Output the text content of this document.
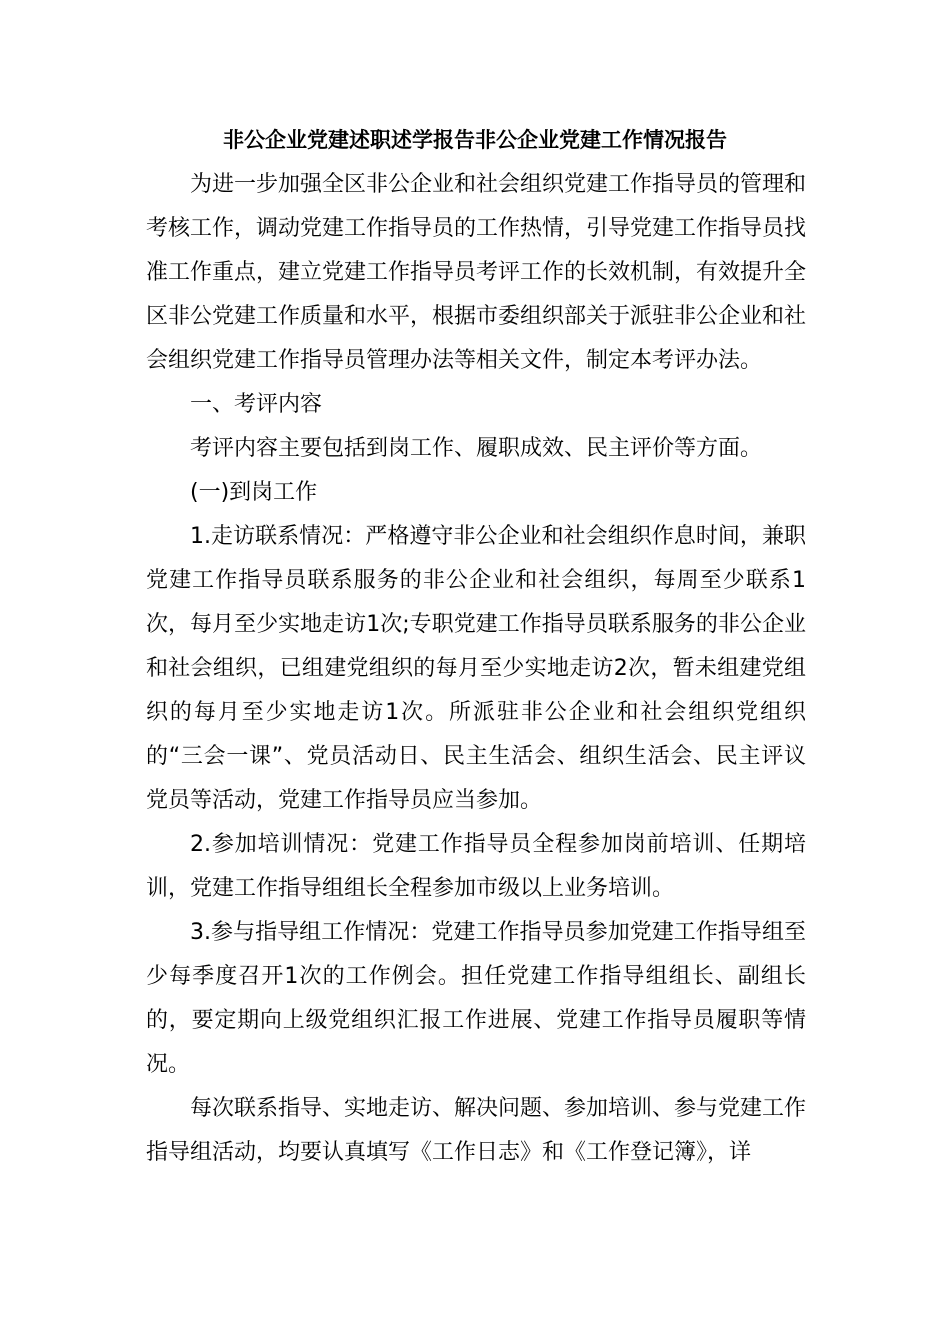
非公企业党建述职述学报告非公企业党建工作情况报告

为进一步加强全区非公企业和社会组织党建工作指导员的管理和考核工作，调动党建工作指导员的工作热情，引导党建工作指导员找准工作重点，建立党建工作指导员考评工作的长效机制，有效提升全区非公党建工作质量和水平，根据市委组织部关于派驻非公企业和社会组织党建工作指导员管理办法等相关文件，制定本考评办法。

一、考评内容

考评内容主要包括到岗工作、履职成效、民主评价等方面。

(一)到岗工作

1.走访联系情况：严格遵守非公企业和社会组织作息时间，兼职党建工作指导员联系服务的非公企业和社会组织，每周至少联系1次，每月至少实地走访1次;专职党建工作指导员联系服务的非公企业和社会组织，已组建党组织的每月至少实地走访2次，暂未组建党组织的每月至少实地走访1次。所派驻非公企业和社会组织党组织的“三会一课”、党员活动日、民主生活会、组织生活会、民主评议党员等活动，党建工作指导员应当参加。

2.参加培训情况：党建工作指导员全程参加岗前培训、任期培训，党建工作指导组组长全程参加市级以上业务培训。

3.参与指导组工作情况：党建工作指导员参加党建工作指导组至少每季度召开1次的工作例会。担任党建工作指导组组长、副组长的，要定期向上级党组织汇报工作进展、党建工作指导员履职等情况。

每次联系指导、实地走访、解决问题、参加培训、参与党建工作指导组活动，均要认真填写《工作日志》和《工作登记簿》，详
